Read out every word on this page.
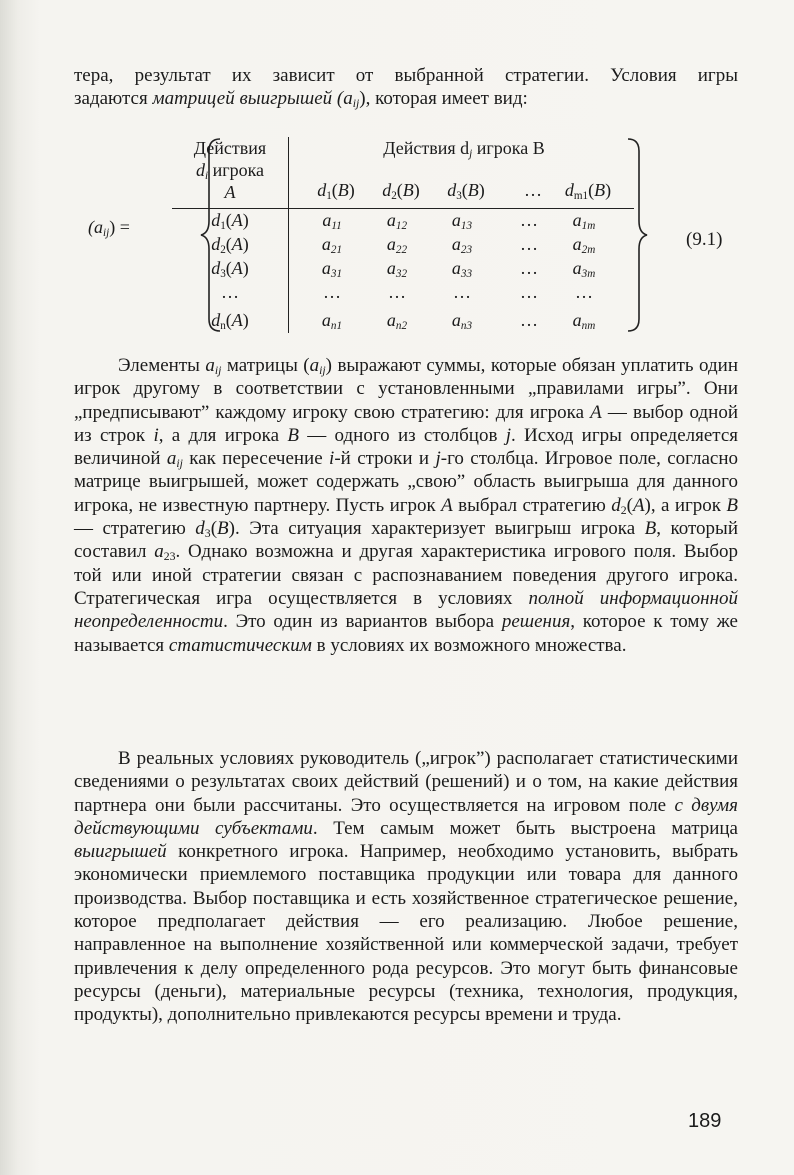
тера, результат их зависит от выбранной стратегии. Условия игры

задаются матрицей выигрышей $(a_{ij})$, которая имеет вид:

$(a_{ij})$ =
Действия
$d_i$ игрока
A
Действия $d_j$ игрока B
$d_1(B)$	$d_2(B)$	$d_3(B)$	…	$d_{m1}(B)$
$d_1(A)$	$a_{11}$	$a_{12}$	$a_{13}$	…	$a_{1m}$
$d_2(A)$	$a_{21}$	$a_{22}$	$a_{23}$	…	$a_{2m}$
$d_3(A)$	$a_{31}$	$a_{32}$	$a_{33}$	…	$a_{3m}$
…	…	…	…	…	…
$d_n(A)$	$a_{n1}$	$a_{n2}$	$a_{n3}$	…	$a_{nm}$
(9.1)
Элементы $a_{ij}$ матрицы $(a_{ij})$ выражают суммы, которые обязан уплатить один игрок другому в соответствии с установленными „правилами игры”. Они „предписывают” каждому игроку свою стратегию: для игрока A — выбор одной из строк i, а для игрока B — одного из столбцов j. Исход игры определяется величиной $a_{ij}$ как пересечение i-й строки и j-го столбца. Игровое поле, согласно матрице выигрышей, может содержать „свою” область выигрыша для данного игрока, не известную партнеру. Пусть игрок A выбрал стратегию $d_2(A)$, а игрок B — стратегию $d_3(B)$. Эта ситуация характеризует выигрыш игрока B, который составил $a_{23}$. Однако возможна и другая характеристика игрового поля. Выбор той или иной стратегии связан с распознаванием поведения другого игрока. Стратегическая игра осуществляется в условиях полной информационной неопределенности. Это один из вариантов выбора решения, которое к тому же называется статистическим в условиях их возможного множества.
В реальных условиях руководитель („игрок”) располагает статистическими сведениями о результатах своих действий (решений) и о том, на какие действия партнера они были рассчитаны. Это осуществляется на игровом поле с двумя действующими субъектами. Тем самым может быть выстроена матрица выигрышей конкретного игрока. Например, необходимо установить, выбрать экономически приемлемого поставщика продукции или товара для данного производства. Выбор поставщика и есть хозяйственное стратегическое решение, которое предполагает действия — его реализацию. Любое решение, направленное на выполнение хозяйственной или коммерческой задачи, требует привлечения к делу определенного рода ресурсов. Это могут быть финансовые ресурсы (деньги), материальные ресурсы (техника, технология, продукция, продукты), дополнительно привлекаются ресурсы времени и труда.
189
